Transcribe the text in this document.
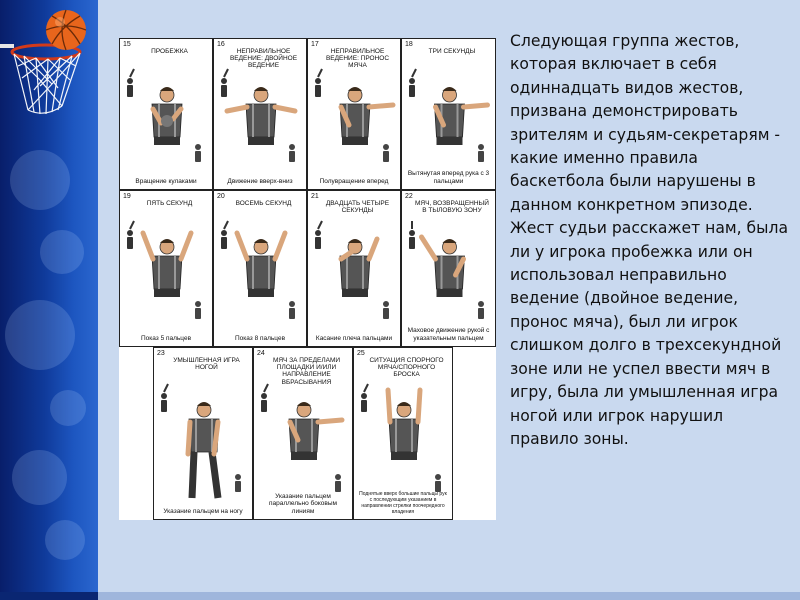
15
ПРОБЕЖКА
Вращение кулаками
16
НЕПРАВИЛЬНОЕ ВЕДЕНИЕ: ДВОЙНОЕ ВЕДЕНИЕ
Движение вверх-вниз
17
НЕПРАВИЛЬНОЕ ВЕДЕНИЕ: ПРОНОС МЯЧА
Полувращение вперед
18
ТРИ СЕКУНДЫ
Вытянутая вперед рука с 3 пальцами
19
ПЯТЬ СЕКУНД
Показ 5 пальцев
20
ВОСЕМЬ СЕКУНД
Показ 8 пальцев
21
ДВАДЦАТЬ ЧЕТЫРЕ СЕКУНДЫ
Касание плеча пальцами
22
МЯЧ, ВОЗВРАЩЕННЫЙ В ТЫЛОВУЮ ЗОНУ
Маховое движение рукой с указательным пальцем
23
УМЫШЛЕННАЯ ИГРА НОГОЙ
Указание пальцем на ногу
24
МЯЧ ЗА ПРЕДЕЛАМИ ПЛОЩАДКИ И/ИЛИ НАПРАВЛЕНИЕ ВБРАСЫВАНИЯ
Указание пальцем параллельно боковым линиям
25
СИТУАЦИЯ СПОРНОГО МЯЧА/СПОРНОГО БРОСКА
Поднятые вверх большие пальцы рук с последующим указанием в направлении стрелки поочередного владения
Следующая группа жестов, которая включает в себя одиннадцать видов жестов, призвана демонстрировать зрителям и судьям-секретарям - какие именно правила баскетбола были нарушены в данном конкретном эпизоде. Жест судьи расскажет нам, была ли у игрока пробежка или он использовал неправильно ведение (двойное ведение, пронос мяча), был ли игрок слишком долго в трехсекундной зоне или не успел ввести мяч в игру, была ли умышленная игра ногой или игрок нарушил правило зоны.
